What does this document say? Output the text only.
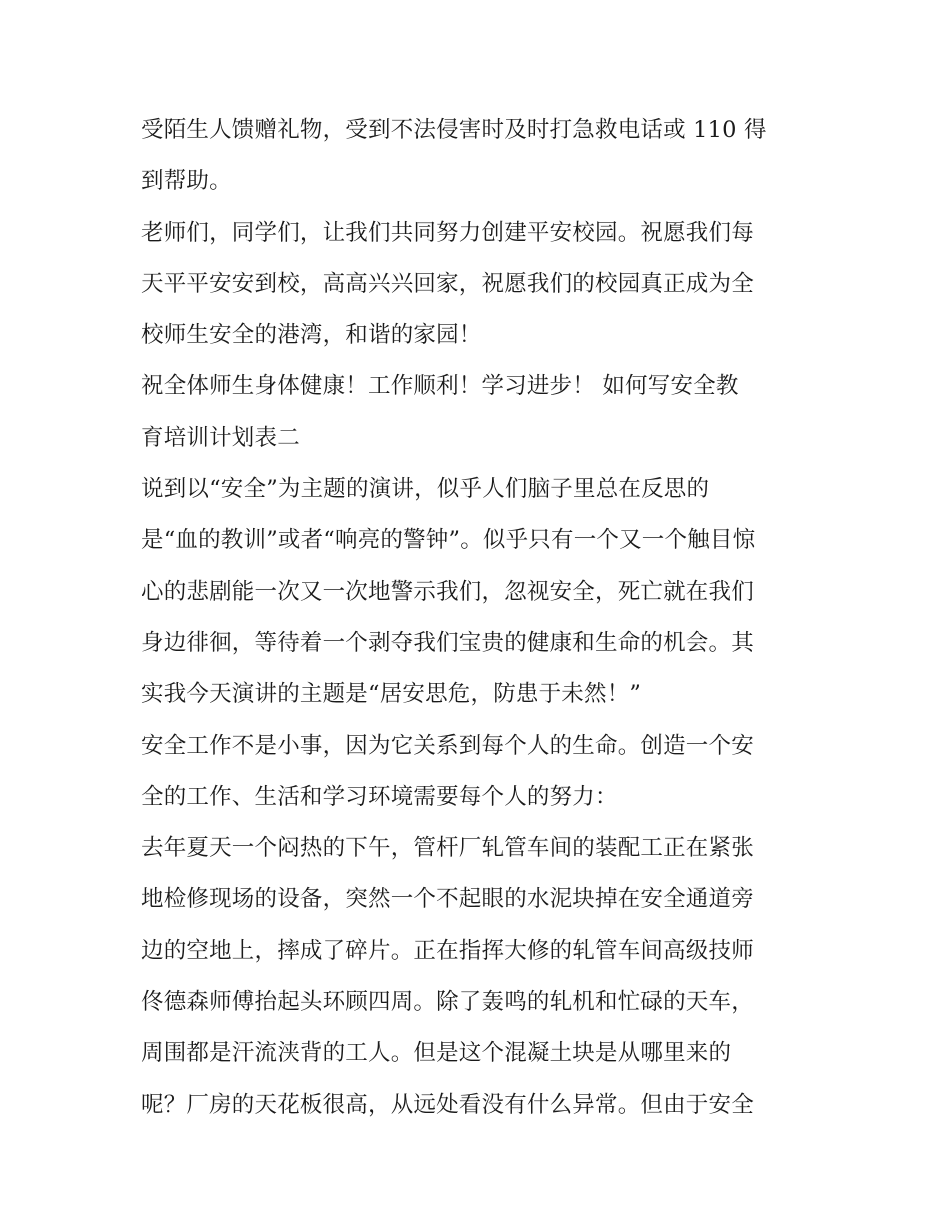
受陌生人馈赠礼物，受到不法侵害时及时打急救电话或 110 得
到帮助。
老师们，同学们，让我们共同努力创建平安校园。祝愿我们每
天平平安安到校，高高兴兴回家，祝愿我们的校园真正成为全
校师生安全的港湾，和谐的家园！
祝全体师生身体健康！工作顺利！学习进步！ 如何写安全教
育培训计划表二
说到以“安全”为主题的演讲，似乎人们脑子里总在反思的
是“血的教训”或者“响亮的警钟”。似乎只有一个又一个触目惊
心的悲剧能一次又一次地警示我们，忽视安全，死亡就在我们
身边徘徊，等待着一个剥夺我们宝贵的健康和生命的机会。其
实我今天演讲的主题是“居安思危，防患于未然！”
安全工作不是小事，因为它关系到每个人的生命。创造一个安
全的工作、生活和学习环境需要每个人的努力：
去年夏天一个闷热的下午，管杆厂轧管车间的装配工正在紧张
地检修现场的设备，突然一个不起眼的水泥块掉在安全通道旁
边的空地上，摔成了碎片。正在指挥大修的轧管车间高级技师
佟德森师傅抬起头环顾四周。除了轰鸣的轧机和忙碌的天车，
周围都是汗流浃背的工人。但是这个混凝土块是从哪里来的
呢？厂房的天花板很高，从远处看没有什么异常。但由于安全
